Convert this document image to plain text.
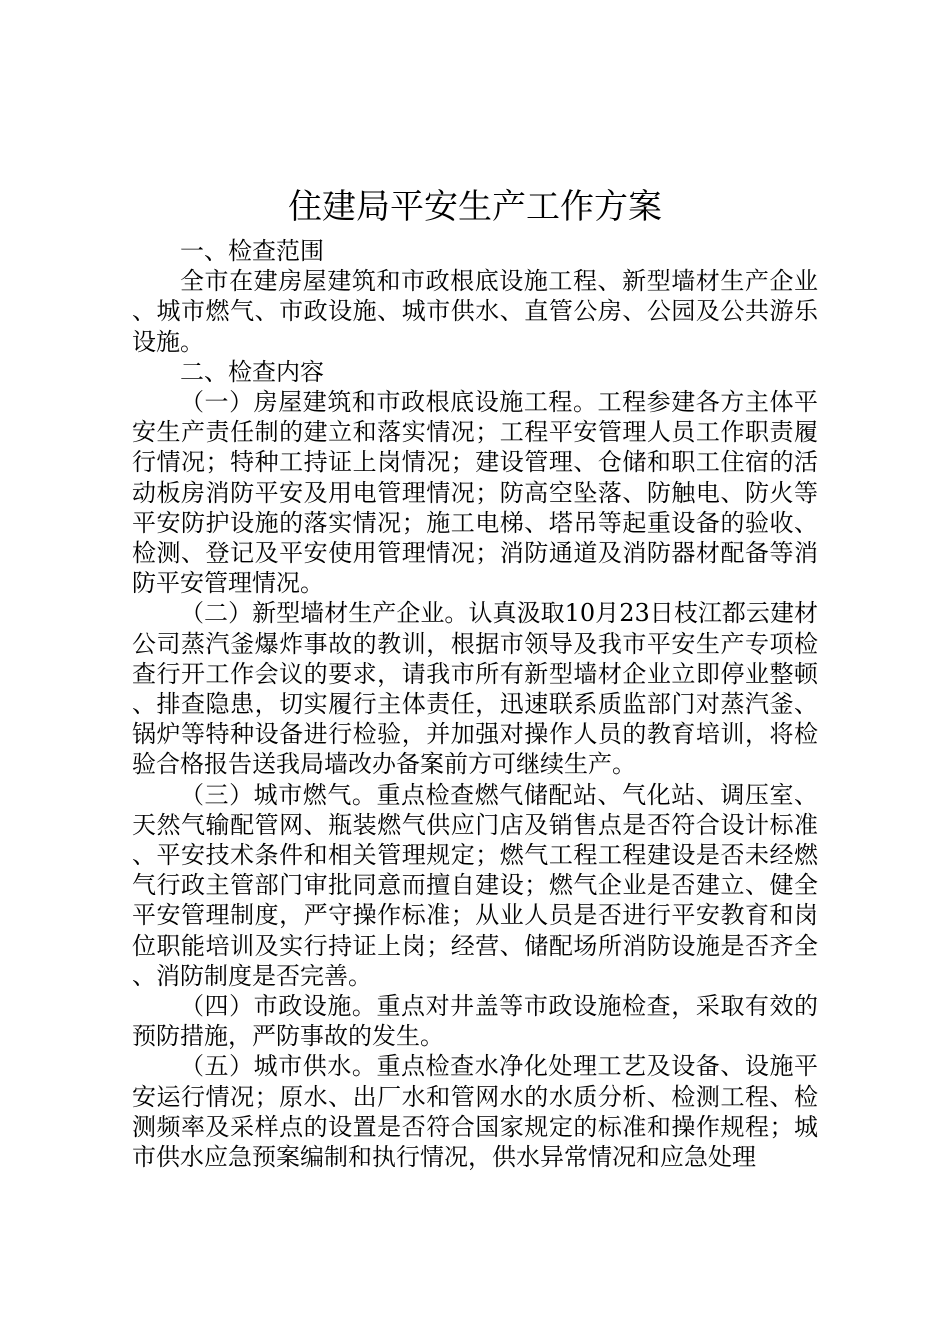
住建局平安生产工作方案

一、检查范围

全市在建房屋建筑和市政根底设施工程、新型墙材生产企业、城市燃气、市政设施、城市供水、直管公房、公园及公共游乐设施。

二、检查内容

（一）房屋建筑和市政根底设施工程。工程参建各方主体平安生产责任制的建立和落实情况；工程平安管理人员工作职责履行情况；特种工持证上岗情况；建设管理、仓储和职工住宿的活动板房消防平安及用电管理情况；防高空坠落、防触电、防火等平安防护设施的落实情况；施工电梯、塔吊等起重设备的验收、检测、登记及平安使用管理情况；消防通道及消防器材配备等消防平安管理情况。

（二）新型墙材生产企业。认真汲取10月23日枝江都云建材公司蒸汽釜爆炸事故的教训，根据市领导及我市平安生产专项检查行开工作会议的要求，请我市所有新型墙材企业立即停业整顿、排查隐患，切实履行主体责任，迅速联系质监部门对蒸汽釜、锅炉等特种设备进行检验，并加强对操作人员的教育培训，将检验合格报告送我局墙改办备案前方可继续生产。

（三）城市燃气。重点检查燃气储配站、气化站、调压室、天然气输配管网、瓶装燃气供应门店及销售点是否符合设计标准、平安技术条件和相关管理规定；燃气工程工程建设是否未经燃气行政主管部门审批同意而擅自建设；燃气企业是否建立、健全平安管理制度，严守操作标准；从业人员是否进行平安教育和岗位职能培训及实行持证上岗；经营、储配场所消防设施是否齐全、消防制度是否完善。

（四）市政设施。重点对井盖等市政设施检查，采取有效的预防措施，严防事故的发生。

（五）城市供水。重点检查水净化处理工艺及设备、设施平安运行情况；原水、出厂水和管网水的水质分析、检测工程、检测频率及采样点的设置是否符合国家规定的标准和操作规程；城市供水应急预案编制和执行情况，供水异常情况和应急处理
